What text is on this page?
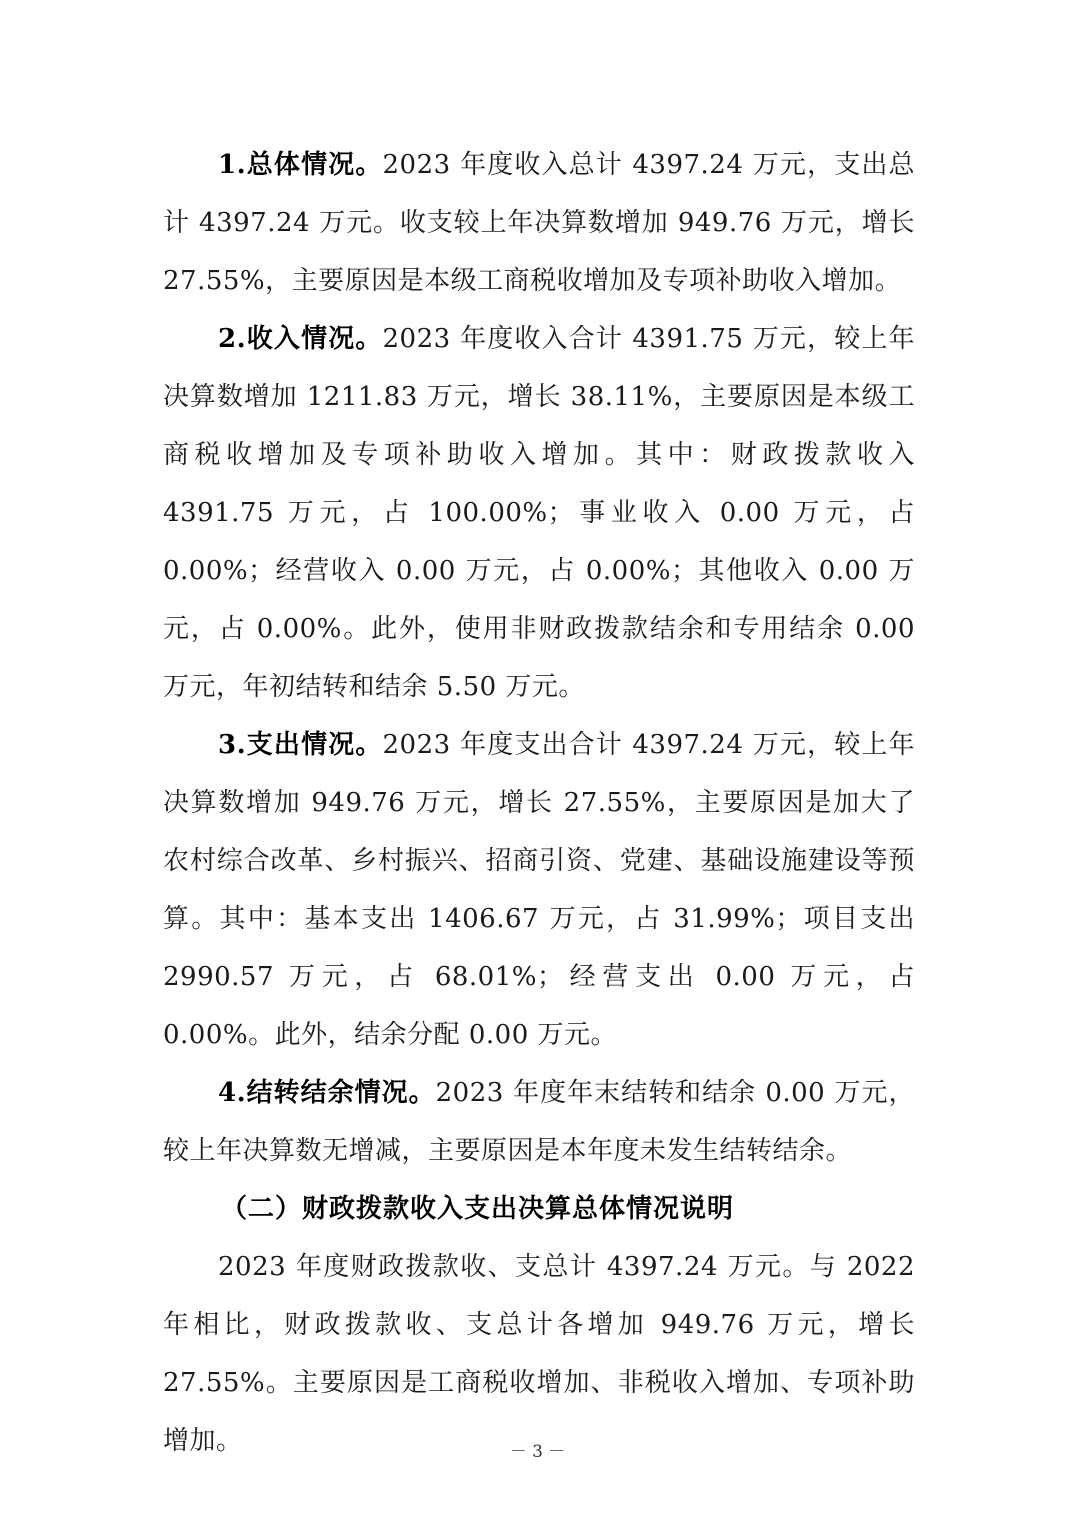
1.总体情况。2023 年度收入总计 4397.24 万元，支出总计 4397.24 万元。收支较上年决算数增加 949.76 万元，增长 27.55%，主要原因是本级工商税收增加及专项补助收入增加。

2.收入情况。2023 年度收入合计 4391.75 万元，较上年决算数增加 1211.83 万元，增长 38.11%，主要原因是本级工商税收增加及专项补助收入增加。其中：财政拨款收入 4391.75 万元，占 100.00%；事业收入 0.00 万元，占 0.00%；经营收入 0.00 万元，占 0.00%；其他收入 0.00 万元，占 0.00%。此外，使用非财政拨款结余和专用结余 0.00 万元，年初结转和结余 5.50 万元。

3.支出情况。2023 年度支出合计 4397.24 万元，较上年决算数增加 949.76 万元，增长 27.55%，主要原因是加大了农村综合改革、乡村振兴、招商引资、党建、基础设施建设等预算。其中：基本支出 1406.67 万元，占 31.99%；项目支出 2990.57 万元，占 68.01%；经营支出 0.00 万元，占 0.00%。此外，结余分配 0.00 万元。

4.结转结余情况。2023 年度年末结转和结余 0.00 万元，较上年决算数无增减，主要原因是本年度未发生结转结余。

（二）财政拨款收入支出决算总体情况说明

2023 年度财政拨款收、支总计 4397.24 万元。与 2022 年相比，财政拨款收、支总计各增加 949.76 万元，增长 27.55%。主要原因是工商税收增加、非税收入增加、专项补助增加。	－ 3 －
